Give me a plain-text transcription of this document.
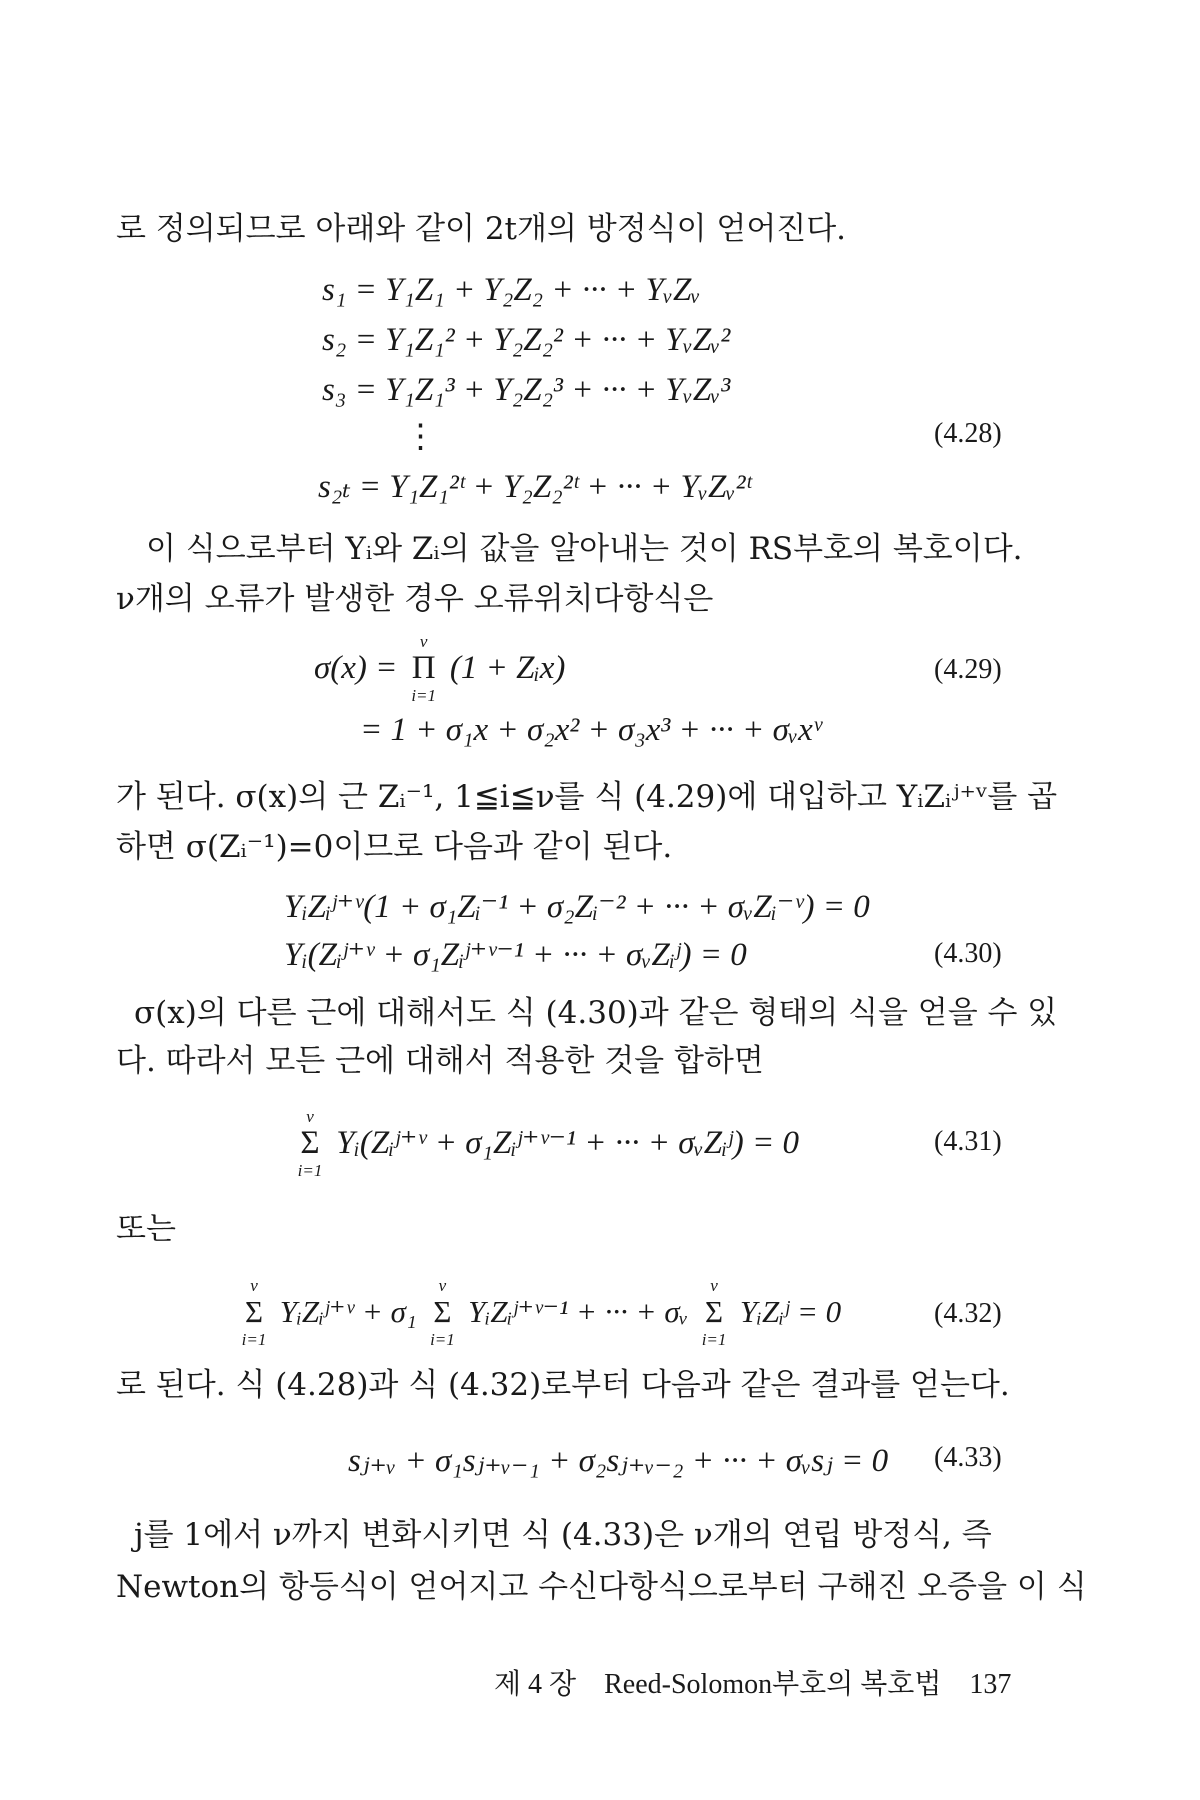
로 정의되므로 아래와 같이 2t개의 방정식이 얻어진다.
s₁ = Y₁Z₁ + Y₂Z₂ + ··· + YᵥZᵥ
s₂ = Y₁Z₁² + Y₂Z₂² + ··· + YᵥZᵥ²
s₃ = Y₁Z₁³ + Y₂Z₂³ + ··· + YᵥZᵥ³
⋮	(4.28)
s₂ₜ = Y₁Z₁²ᵗ + Y₂Z₂²ᵗ + ··· + YᵥZᵥ²ᵗ
이 식으로부터 Yᵢ와 Zᵢ의 값을 알아내는 것이 RS부호의 복호이다.
ν개의 오류가 발생한 경우 오류위치다항식은
σ(x) =
ν
Π
i=1
(1 + Zᵢx)	(4.29)
= 1 + σ₁x + σ₂x² + σ₃x³ + ··· + σᵥxᵛ
가 된다. σ(x)의 근 Zᵢ⁻¹, 1≦i≦ν를 식 (4.29)에 대입하고 YᵢZᵢʲ⁺ᵛ를 곱
하면 σ(Zᵢ⁻¹)=0이므로 다음과 같이 된다.
YᵢZᵢʲ⁺ᵛ(1 + σ₁Zᵢ⁻¹ + σ₂Zᵢ⁻² + ··· + σᵥZᵢ⁻ᵛ) = 0
Yᵢ(Zᵢʲ⁺ᵛ + σ₁Zᵢʲ⁺ᵛ⁻¹ + ··· + σᵥZᵢʲ) = 0	(4.30)
σ(x)의 다른 근에 대해서도 식 (4.30)과 같은 형태의 식을 얻을 수 있
다. 따라서 모든 근에 대해서 적용한 것을 합하면
ν
Σ
i=1
Yᵢ(Zᵢʲ⁺ᵛ + σ₁Zᵢʲ⁺ᵛ⁻¹ + ··· + σᵥZᵢʲ) = 0	(4.31)
또는
ν
Σ
i=1
YᵢZᵢʲ⁺ᵛ + σ₁
ν
Σ
i=1
YᵢZᵢʲ⁺ᵛ⁻¹ + ··· + σᵥ
ν
Σ
i=1
YᵢZᵢʲ = 0	(4.32)
로 된다. 식 (4.28)과 식 (4.32)로부터 다음과 같은 결과를 얻는다.
sⱼ₊ᵥ + σ₁sⱼ₊ᵥ₋₁ + σ₂sⱼ₊ᵥ₋₂ + ··· + σᵥsⱼ = 0 (4.33)
j를 1에서 ν까지 변화시키면 식 (4.33)은 ν개의 연립 방정식, 즉
Newton의 항등식이 얻어지고 수신다항식으로부터 구해진 오증을 이 식
제 4 장 Reed-Solomon부호의 복호법 137
